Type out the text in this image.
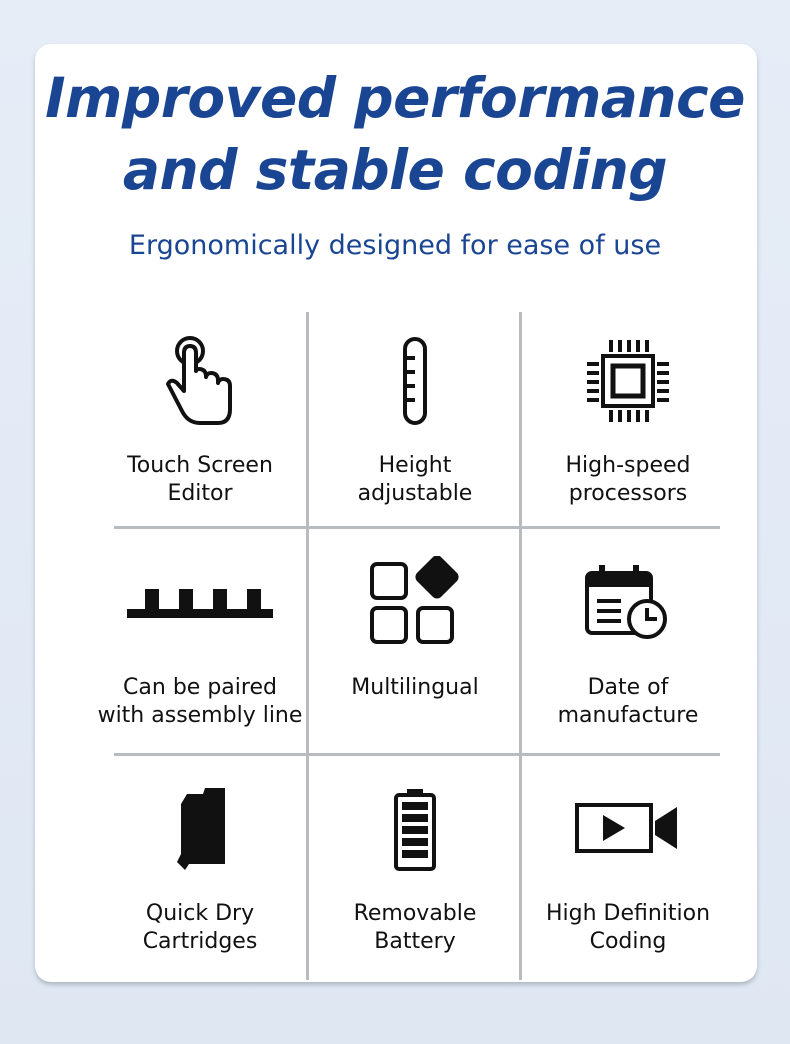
Improved performance
and stable coding
Ergonomically designed for ease of use
Touch Screen
Editor
Height
adjustable
High-speed
processors
Can be paired
with assembly line
Multilingual	Date of
manufacture
Quick Dry
Cartridges
Removable
Battery
High Definition
Coding
